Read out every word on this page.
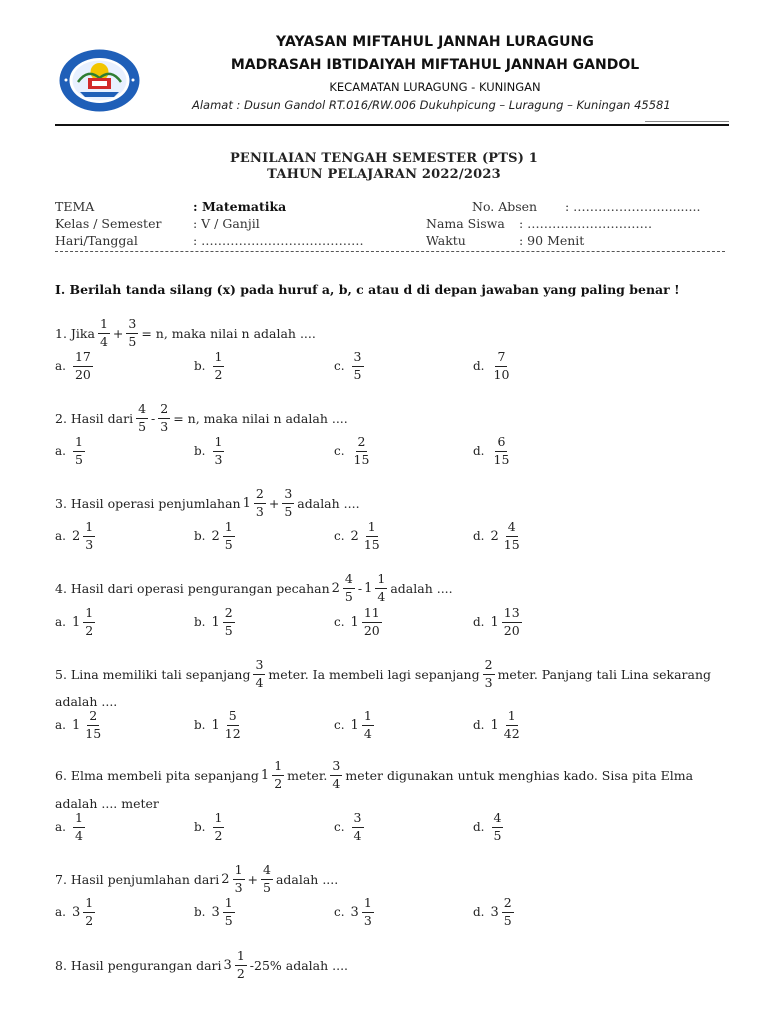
YAYASAN MIFTAHUL JANNAH LURAGUNG
MADRASAH IBTIDAIYAH MIFTAHUL JANNAH GANDOL
KECAMATAN LURAGUNG - KUNINGAN
Alamat : Dusun Gandol RT.016/RW.006 Dukuhpicung – Luragung – Kuningan 45581
PENILAIAN TENGAH SEMESTER (PTS) 1
TAHUN PELAJARAN 2022/2023
TEMA	: Matematika
Kelas / Semester	: V / Ganjil
Hari/Tanggal	: …………………………………
No. Absen : …………………..........
Nama Siswa : …………………………
Waktu	: 90 Menit
I. Berilah tanda silang (x) pada huruf a, b, c atau d di depan jawaban yang paling benar !
1. Jika $\frac{1}{4} + \frac{3}{5} = n$, maka nilai n adalah ....
a. $\frac{17}{20}$	b. $\frac{1}{2}$	c. $\frac{3}{5}$	d. $\frac{7}{10}$
2. Hasil dari $\frac{4}{5} - \frac{2}{3} = n$, maka nilai n adalah ....
a. $\frac{1}{5}$	b. $\frac{1}{3}$	c. $\frac{2}{15}$	d. $\frac{6}{15}$
3. Hasil operasi penjumlahan $1 \frac{2}{3} + \frac{3}{5}$ adalah ....
a. $2 \frac{1}{3}$	b. $2 \frac{1}{5}$	c. $2 \frac{1}{15}$	d. $2 \frac{4}{15}$
4. Hasil dari operasi pengurangan pecahan $2 \frac{4}{5} - 1 \frac{1}{4}$ adalah ....
a. $1 \frac{1}{2}$	b. $1 \frac{2}{5}$	c. $1 \frac{11}{20}$	d. $1 \frac{13}{20}$
5. Lina memiliki tali sepanjang $\frac{3}{4}$ meter. Ia membeli lagi sepanjang $\frac{2}{3}$ meter. Panjang tali Lina sekarang
adalah ....
a. $1 \frac{2}{15}$	b. $1 \frac{5}{12}$	c. $1 \frac{1}{4}$	d. $1 \frac{1}{42}$
6. Elma membeli pita sepanjang $1 \frac{1}{2}$ meter. $\frac{3}{4}$ meter digunakan untuk menghias kado. Sisa pita Elma
adalah .... meter
a. $\frac{1}{4}$	b. $\frac{1}{2}$	c. $\frac{3}{4}$	d. $\frac{4}{5}$
7. Hasil penjumlahan dari $2 \frac{1}{3} + \frac{4}{5}$ adalah ....
a. $3 \frac{1}{2}$	b. $3 \frac{1}{5}$	c. $3 \frac{1}{3}$	d. $3 \frac{2}{5}$
8. Hasil pengurangan dari $3 \frac{1}{2} - 25\%$ adalah ....
